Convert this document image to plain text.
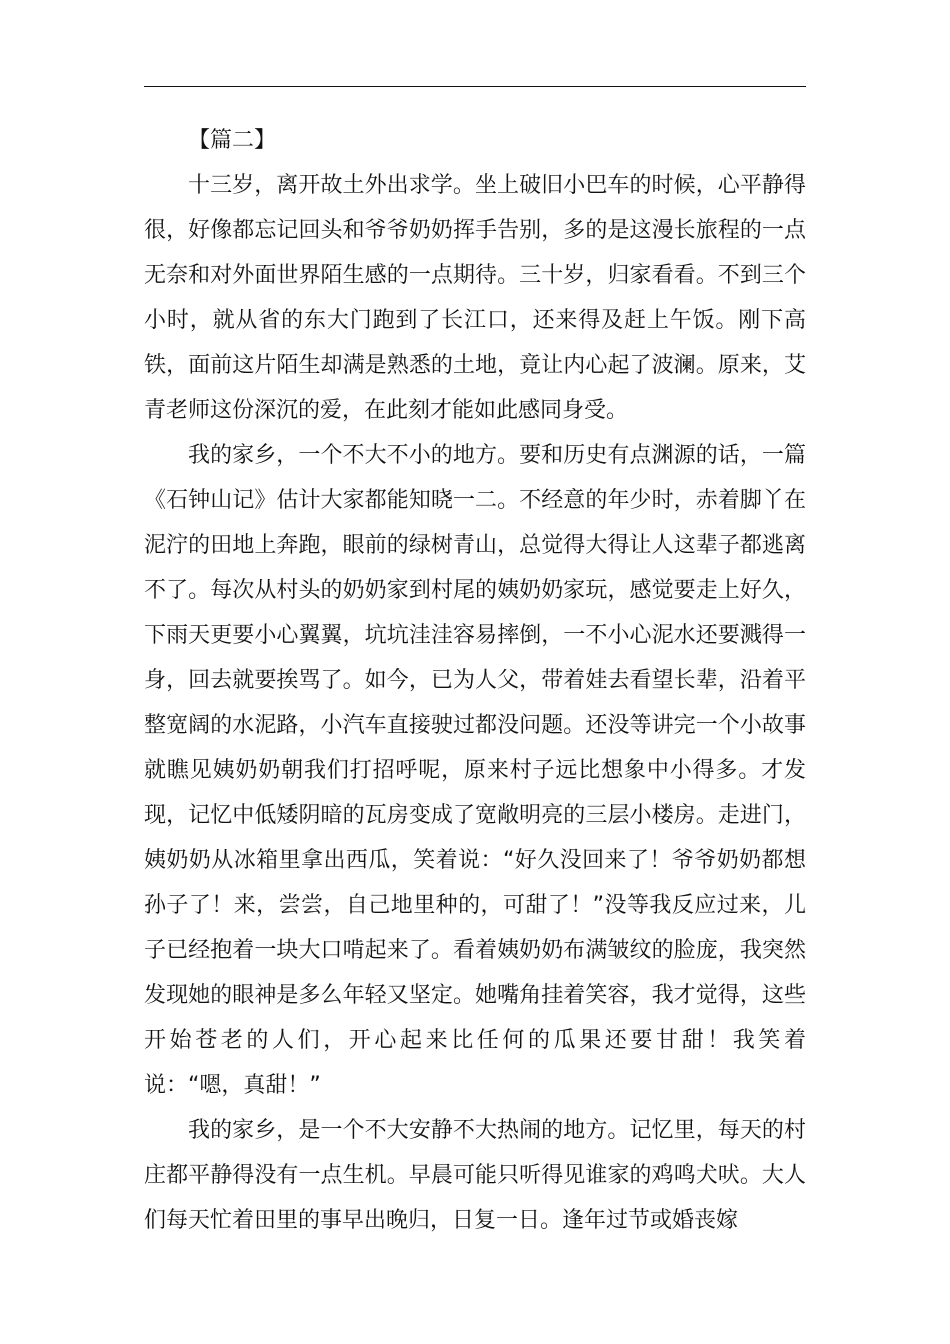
【篇二】

十三岁，离开故土外出求学。坐上破旧小巴车的时候，心平静得很，好像都忘记回头和爷爷奶奶挥手告别，多的是这漫长旅程的一点无奈和对外面世界陌生感的一点期待。三十岁，归家看看。不到三个小时，就从省的东大门跑到了长江口，还来得及赶上午饭。刚下高铁，面前这片陌生却满是熟悉的土地，竟让内心起了波澜。原来，艾青老师这份深沉的爱，在此刻才能如此感同身受。

我的家乡，一个不大不小的地方。要和历史有点渊源的话，一篇《石钟山记》估计大家都能知晓一二。不经意的年少时，赤着脚丫在泥泞的田地上奔跑，眼前的绿树青山，总觉得大得让人这辈子都逃离不了。每次从村头的奶奶家到村尾的姨奶奶家玩，感觉要走上好久，下雨天更要小心翼翼，坑坑洼洼容易摔倒，一不小心泥水还要溅得一身，回去就要挨骂了。如今，已为人父，带着娃去看望长辈，沿着平整宽阔的水泥路，小汽车直接驶过都没问题。还没等讲完一个小故事就瞧见姨奶奶朝我们打招呼呢，原来村子远比想象中小得多。才发现，记忆中低矮阴暗的瓦房变成了宽敞明亮的三层小楼房。走进门，姨奶奶从冰箱里拿出西瓜，笑着说：“好久没回来了！爷爷奶奶都想孙子了！来，尝尝，自己地里种的，可甜了！”没等我反应过来，儿子已经抱着一块大口啃起来了。看着姨奶奶布满皱纹的脸庞，我突然发现她的眼神是多么年轻又坚定。她嘴角挂着笑容，我才觉得，这些开始苍老的人们，开心起来比任何的瓜果还要甘甜！我笑着说：“嗯，真甜！”

我的家乡，是一个不大安静不大热闹的地方。记忆里，每天的村庄都平静得没有一点生机。早晨可能只听得见谁家的鸡鸣犬吠。大人们每天忙着田里的事早出晚归，日复一日。逢年过节或婚丧嫁
